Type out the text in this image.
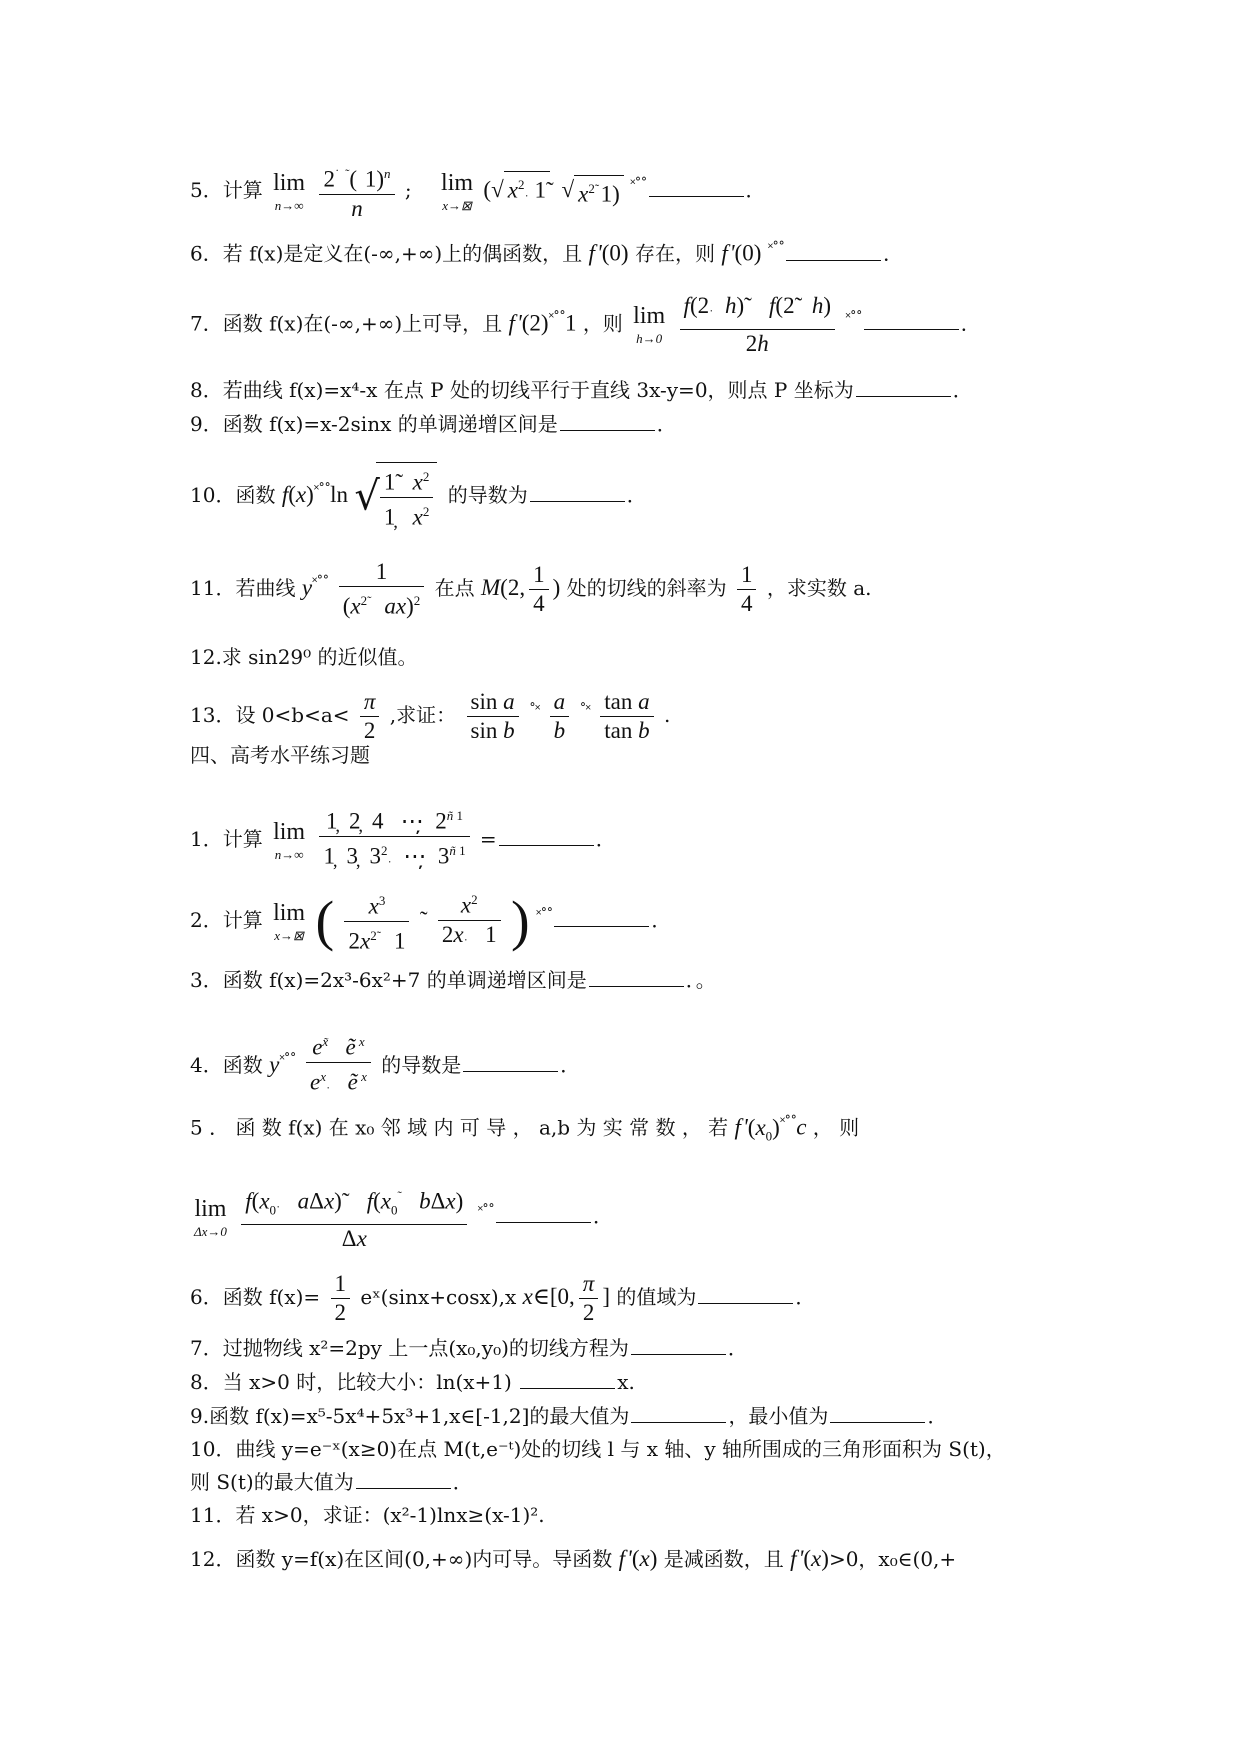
5．计算 lim
n→∞
$\frac{2^˙ ^˜( 1)^n}{n}$ ; lim
x→⊠
(√ $x^2_˙$ 1̃  √ $x^{2̃}$ 1) ˟˚˚	．
6．若 f(x)是定义在(-∞,+∞)上的偶函数，且 f '(0) 存在，则 f '(0) ˟˚˚	．
7．函数 f(x)在(-∞,+∞)上可导，且 f '(2)˟˚˚1 ，则 lim
h→0
$\frac{f(2_˙ h)˜ f(2̃ h)}{2h} ^{˟˚˚}$	．
8．若曲线 f(x)=x⁴-x 在点 P 处的切线平行于直线 3x-y=0，则点 P 坐标为	．
9．函数 f(x)=x-2sinx 的单调递增区间是	．
10．函数 f(x)˟˚˚ln √
$\frac{1̃ x^2}{1̦ x^2}$ 的导数为	．
11．若曲线 $y^{˟˚˚} \frac{1}{(x^{2̃} ax)^2}$ 在点 M(2, $\frac{1}{4}$ ) 处的切线的斜率为 $\frac{1}{4}$ ，求实数 a.
12.求 sin29⁰ 的近似值。
13．设 $0<b<a< \frac{\pi}{2}$ ,求证： $\frac{\text{sin a}}{\text{sin b}} ^{˚˟} \frac{a}{b} ^{˚˟} \frac{\text{tan a}}{\text{tan b}}$ .
四、高考水平练习题
1．计算 lim
n→∞
$\frac{1̦ 2̦ 4 \cdotș 2^{ñ 1}}{1̦ 3̦ 3^2_˙ \cdotș 3^{ñ 1}}$ =	．
2．计算 lim
x→⊠ ( $\frac{x^3}{2x^{2̃} 1}$ ˜ $\frac{x^2}{2x_˙ 1}$ ) ˟˚˚	．
3．函数 f(x)=2x³-6x²+7 的单调递增区间是	．。
4．函数 $y^{˟˚˚} \frac{e^{x̃} ẽ ^x}{e^x_˙ ẽ ^x}$ 的导数是	．
5 ． 函 数 f(x) 在 x₀ 邻 域 内 可 导 ， a,b 为 实 常 数 ， 若 f '$(x_0)^{˟˚˚}c$ ， 则
lim
Δx→0
$\frac{f(x_{0˙} a\Delta x)˜ f(x_0^˜ b\Delta x)}{\Delta x} ^{˟˚˚}$	．
6．函数 $f(x)= \frac{1}{2}$ eˣ(sinx+cosx),x x∈[0, $\frac{\pi}{2}$ ] 的值域为	．
7．过抛物线 x²=2py 上一点(x₀,y₀)的切线方程为	．
8．当 x>0 时，比较大小：ln(x+1)	x.
9.函数 f(x)=x⁵-5x⁴+5x³+1,x∈[-1,2]的最大值为	，最小值为	．
10．曲线 y=e⁻ˣ(x≥0)在点 M(t,e⁻ᵗ)处的切线 l 与 x 轴、y 轴所围成的三角形面积为 S(t)，
则 S(t)的最大值为	．
11．若 x>0，求证：(x²-1)lnx≥(x-1)².
12．函数 y=f(x)在区间(0,+∞)内可导。导函数 f '(x) 是减函数，且 f '(x)>0，x₀∈(0,+
